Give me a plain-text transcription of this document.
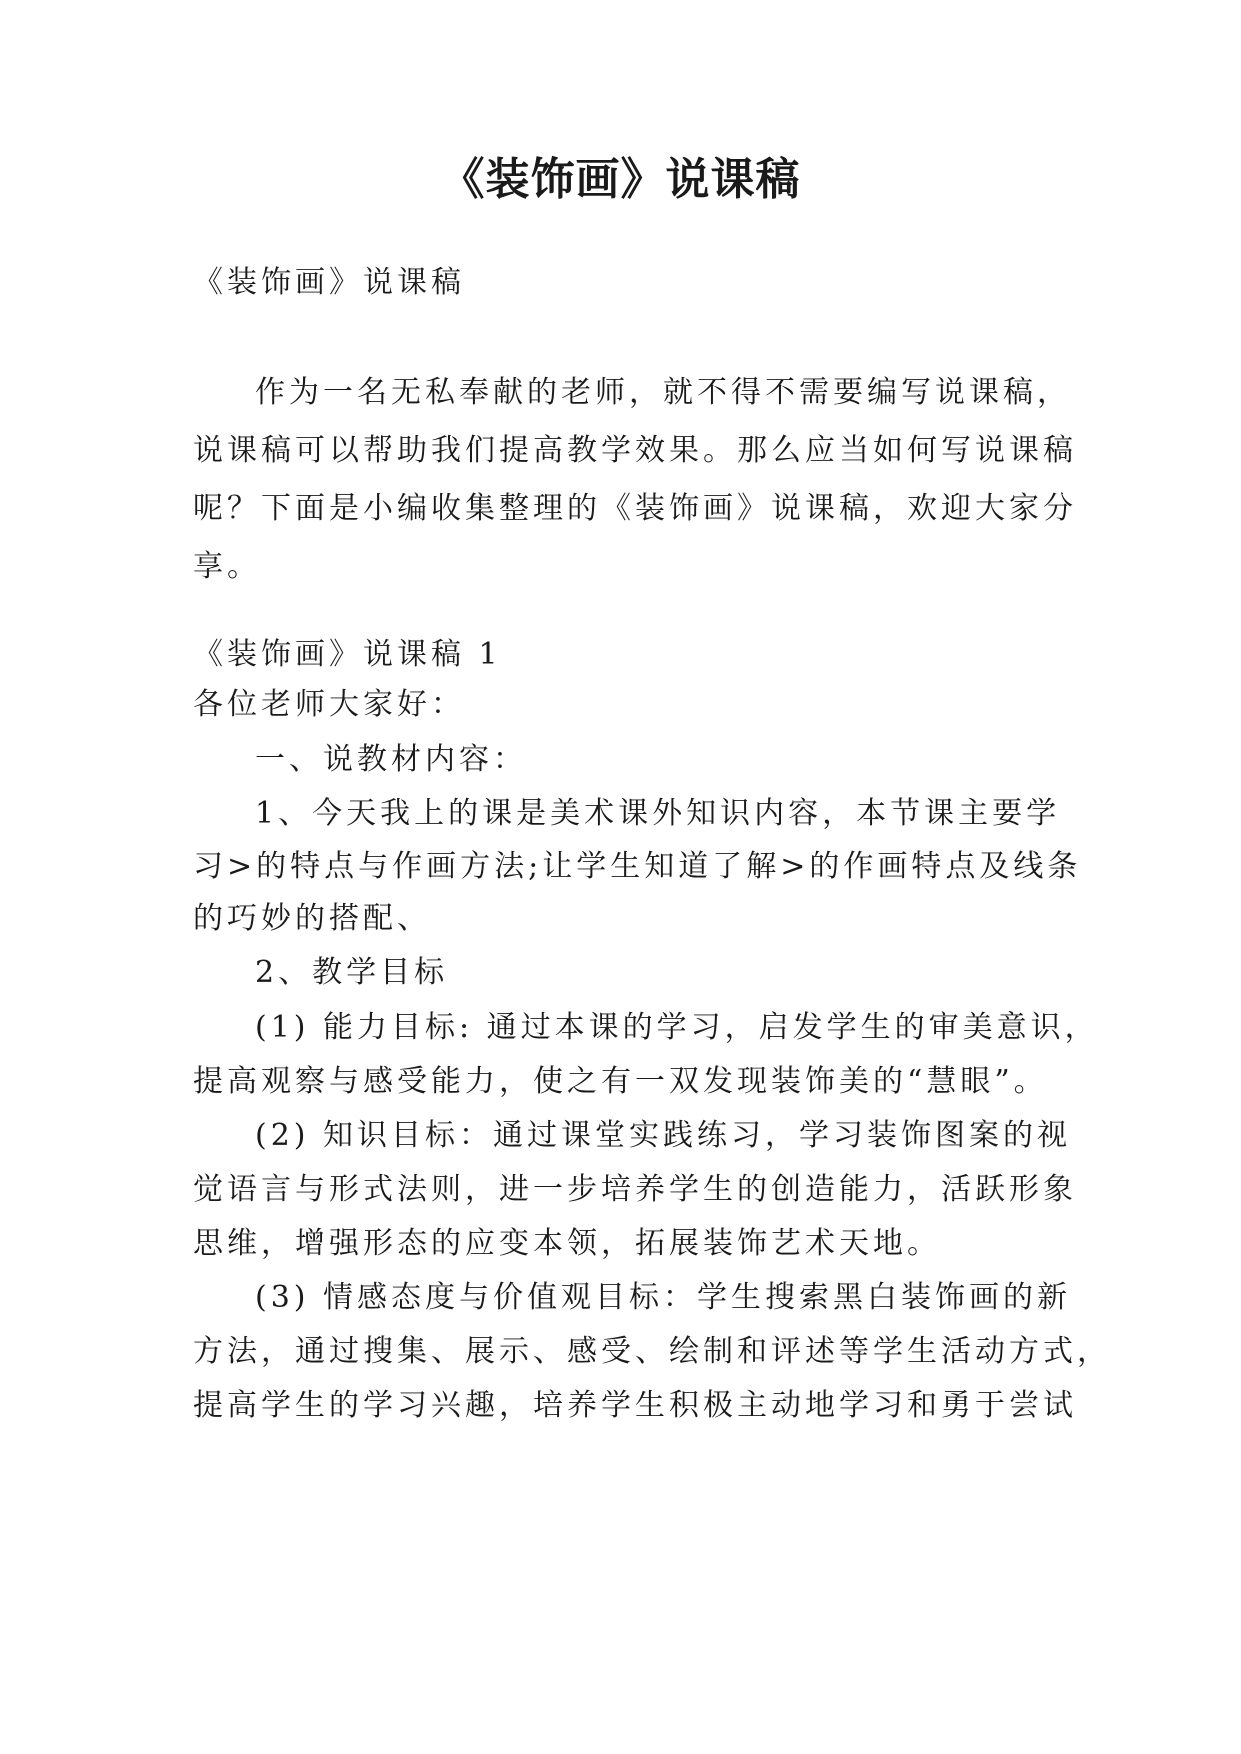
《装饰画》说课稿

《装饰画》说课稿

作为一名无私奉献的老师，就不得不需要编写说课稿，

说课稿可以帮助我们提高教学效果。那么应当如何写说课稿

呢？下面是小编收集整理的《装饰画》说课稿，欢迎大家分

享。

《装饰画》说课稿 1

各位老师大家好：

一、说教材内容：

1、今天我上的课是美术课外知识内容，本节课主要学

习>的特点与作画方法;让学生知道了解>的作画特点及线条

的巧妙的搭配、

2、教学目标

(1) 能力目标: 通过本课的学习，启发学生的审美意识，

提高观察与感受能力，使之有一双发现装饰美的“慧眼”。

(2) 知识目标：通过课堂实践练习，学习装饰图案的视

觉语言与形式法则，进一步培养学生的创造能力，活跃形象

思维，增强形态的应变本领，拓展装饰艺术天地。

(3) 情感态度与价值观目标：学生搜索黑白装饰画的新

方法，通过搜集、展示、感受、绘制和评述等学生活动方式，

提高学生的学习兴趣，培养学生积极主动地学习和勇于尝试
